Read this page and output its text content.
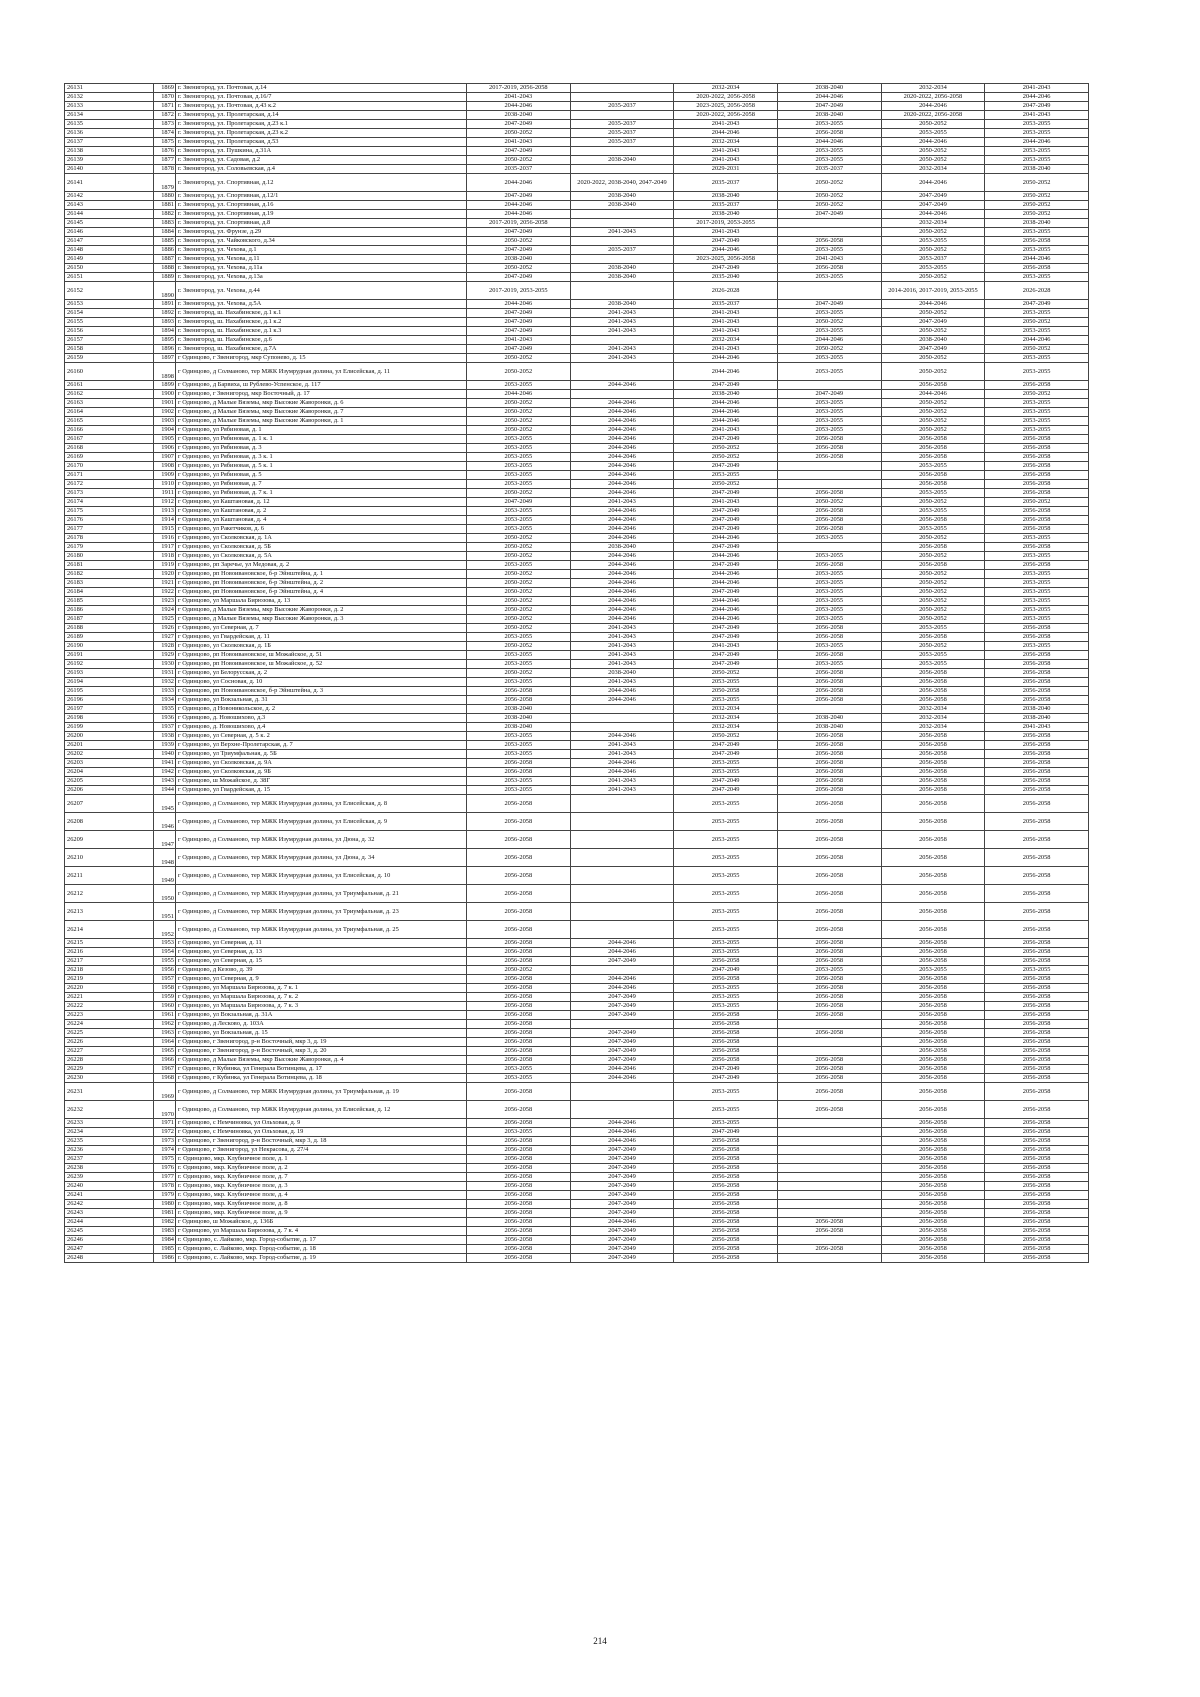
26131	1869	г. Звенигород, ул. Почтовая, д.14	2017-2019, 2056-2058		2032-2034	2038-2040	2032-2034	2041-2043
26132	1870	г. Звенигород, ул. Почтовая, д.16/7	2041-2043		2020-2022, 2056-2058	2044-2046	2020-2022, 2056-2058	2044-2046
26133	1871	г. Звенигород, ул. Почтовая, д.43 к.2	2044-2046	2035-2037	2023-2025, 2056-2058	2047-2049	2044-2046	2047-2049
26134	1872	г. Звенигород, ул. Пролетарская, д.14	2038-2040		2020-2022, 2056-2058	2038-2040	2020-2022, 2056-2058	2041-2043
26135	1873	г. Звенигород, ул. Пролетарская, д.23 к.1	2047-2049	2035-2037	2041-2043	2053-2055	2050-2052	2053-2055
26136	1874	г. Звенигород, ул. Пролетарская, д.23 к.2	2050-2052	2035-2037	2044-2046	2056-2058	2053-2055	2053-2055
26137	1875	г. Звенигород, ул. Пролетарская, д.53	2041-2043	2035-2037	2032-2034	2044-2046	2044-2046	2044-2046
26138	1876	г. Звенигород, ул. Пушкина, д.31А	2047-2049		2041-2043	2053-2055	2050-2052	2053-2055
26139	1877	г. Звенигород, ул. Садовая, д.2	2050-2052	2038-2040	2041-2043	2053-2055	2050-2052	2053-2055
26140	1878	г. Звенигород, ул. Соловьевская, д.4	2035-2037		2029-2031	2035-2037	2032-2034	2038-2040
26141	1879	г. Звенигород, ул. Спортивная, д.12	2044-2046	2020-2022, 2038-2040, 2047-2049	2035-2037	2050-2052	2044-2046	2050-2052
26142	1880	г. Звенигород, ул. Спортивная, д.12/1	2047-2049	2038-2040	2038-2040	2050-2052	2047-2049	2050-2052
26143	1881	г. Звенигород, ул. Спортивная, д.16	2044-2046	2038-2040	2035-2037	2050-2052	2047-2049	2050-2052
26144	1882	г. Звенигород, ул. Спортивная, д.19	2044-2046		2038-2040	2047-2049	2044-2046	2050-2052
26145	1883	г. Звенигород, ул. Спортивная, д.8	2017-2019, 2056-2058		2017-2019, 2053-2055		2032-2034	2038-2040
26146	1884	г. Звенигород, ул. Фрунзе, д.29	2047-2049	2041-2043	2041-2043		2050-2052	2053-2055
26147	1885	г. Звенигород, ул. Чайковского, д.34	2050-2052		2047-2049	2056-2058	2053-2055	2056-2058
26148	1886	г. Звенигород, ул. Чехова, д.1	2047-2049	2035-2037	2044-2046	2053-2055	2050-2052	2053-2055
26149	1887	г. Звенигород, ул. Чехова, д.11	2038-2040		2023-2025, 2056-2058	2041-2043	2053-2037	2044-2046
26150	1888	г. Звенигород, ул. Чехова, д.11а	2050-2052	2038-2040	2047-2049	2056-2058	2053-2055	2056-2058
26151	1889	г. Звенигород, ул. Чехова, д.13а	2047-2049	2038-2040	2035-2040	2053-2055	2050-2052	2053-2055
26152	1890	г. Звенигород, ул. Чехова, д.44	2017-2019, 2053-2055		2026-2028		2014-2016, 2017-2019, 2053-2055	2026-2028
26153	1891	г. Звенигород, ул. Чехова, д.5А	2044-2046	2038-2040	2035-2037	2047-2049	2044-2046	2047-2049
26154	1892	г. Звенигород, ш. Нахабинское, д.1 к.1	2047-2049	2041-2043	2041-2043	2053-2055	2050-2052	2053-2055
26155	1893	г. Звенигород, ш. Нахабинское, д.1 к.2	2047-2049	2041-2043	2041-2043	2050-2052	2047-2049	2050-2052
26156	1894	г. Звенигород, ш. Нахабинское, д.1 к.3	2047-2049	2041-2043	2041-2043	2053-2055	2050-2052	2053-2055
26157	1895	г. Звенигород, ш. Нахабинское, д.6	2041-2043		2032-2034	2044-2046	2038-2040	2044-2046
26158	1896	г. Звенигород, ш. Нахабинское, д.7А	2047-2049	2041-2043	2041-2043	2050-2052	2047-2049	2050-2052
26159	1897	г Одинцово, г Звенигород, мкр Супонево, д. 15	2050-2052	2041-2043	2044-2046	2053-2055	2050-2052	2053-2055
26160	1898	г Одинцово, д Солманово, тер МЖК Изумрудная долина, ул Елисейская, д. 11	2050-2052		2044-2046	2053-2055	2050-2052	2053-2055
26161	1899	г Одинцово, д Барвиха, ш Рублево-Успенское, д. 117	2053-2055	2044-2046	2047-2049		2056-2058	2056-2058
26162	1900	г Одинцово, г Звенигород, мкр Восточный, д. 17	2044-2046		2038-2040	2047-2049	2044-2046	2050-2052
26163	1901	г Одинцово, д Малые Вяземы, мкр Высокие Жаворонки, д. 6	2050-2052	2044-2046	2044-2046	2053-2055	2050-2052	2053-2055
26164	1902	г Одинцово, д Малые Вяземы, мкр Высокие Жаворонки, д. 7	2050-2052	2044-2046	2044-2046	2053-2055	2050-2052	2053-2055
26165	1903	г Одинцово, д Малые Вяземы, мкр Высокие Жаворонки, д. 1	2050-2052	2044-2046	2044-2046	2053-2055	2050-2052	2053-2055
26166	1904	г Одинцово, ул Рябиновая, д. 1	2050-2052	2044-2046	2041-2043	2053-2055	2050-2052	2053-2055
26167	1905	г Одинцово, ул Рябиновая, д. 1 к. 1	2053-2055	2044-2046	2047-2049	2056-2058	2056-2058	2056-2058
26168	1906	г Одинцово, ул Рябиновая, д. 3	2053-2055	2044-2046	2050-2052	2056-2058	2056-2058	2056-2058
26169	1907	г Одинцово, ул Рябиновая, д. 3 к. 1	2053-2055	2044-2046	2050-2052	2056-2058	2056-2058	2056-2058
26170	1908	г Одинцово, ул Рябиновая, д. 5 к. 1	2053-2055	2044-2046	2047-2049		2053-2055	2056-2058
26171	1909	г Одинцово, ул Рябиновая, д. 5	2053-2055	2044-2046	2053-2055		2056-2058	2056-2058
26172	1910	г Одинцово, ул Рябиновая, д. 7	2053-2055	2044-2046	2050-2052		2056-2058	2056-2058
26173	1911	г Одинцово, ул Рябиновая, д. 7 к. 1	2050-2052	2044-2046	2047-2049	2056-2058	2053-2055	2056-2058
26174	1912	г Одинцово, ул Каштановая, д. 12	2047-2049	2041-2043	2041-2043	2050-2052	2050-2052	2050-2052
26175	1913	г Одинцово, ул Каштановая, д. 2	2053-2055	2044-2046	2047-2049	2056-2058	2053-2055	2056-2058
26176	1914	г Одинцово, ул Каштановая, д. 4	2053-2055	2044-2046	2047-2049	2056-2058	2056-2058	2056-2058
26177	1915	г Одинцово, ул Ракетчиков, д. 6	2053-2055	2044-2046	2047-2049	2056-2058	2053-2055	2056-2058
26178	1916	г Одинцово, ул Сколковская, д. 1А	2050-2052	2044-2046	2044-2046	2053-2055	2050-2052	2053-2055
26179	1917	г Одинцово, ул Сколковская, д. 5Б	2050-2052	2038-2040	2047-2049		2056-2058	2056-2058
26180	1918	г Одинцово, ул Сколковская, д. 5А	2050-2052	2044-2046	2044-2046	2053-2055	2050-2052	2053-2055
26181	1919	г Одинцово, рп Заречье, ул Медовая, д. 2	2053-2055	2044-2046	2047-2049	2056-2058	2056-2058	2056-2058
26182	1920	г Одинцово, рп Новоивановское, б-р Эйнштейна, д. 1	2050-2052	2044-2046	2044-2046	2053-2055	2050-2052	2053-2055
26183	1921	г Одинцово, рп Новоивановское, б-р Эйнштейна, д. 2	2050-2052	2044-2046	2044-2046	2053-2055	2050-2052	2053-2055
26184	1922	г Одинцово, рп Новоивановское, б-р Эйнштейна, д. 4	2050-2052	2044-2046	2047-2049	2053-2055	2050-2052	2053-2055
26185	1923	г Одинцово, ул Маршала Бирюзова, д. 13	2050-2052	2044-2046	2044-2046	2053-2055	2050-2052	2053-2055
26186	1924	г Одинцово, д Малые Вяземы, мкр Высокие Жаворонки, д. 2	2050-2052	2044-2046	2044-2046	2053-2055	2050-2052	2053-2055
26187	1925	г Одинцово, д Малые Вяземы, мкр Высокие Жаворонки, д. 3	2050-2052	2044-2046	2044-2046	2053-2055	2050-2052	2053-2055
26188	1926	г Одинцово, ул Северная, д. 7	2050-2052	2041-2043	2047-2049	2056-2058	2053-2055	2056-2058
26189	1927	г Одинцово, ул Гвардейская, д. 11	2053-2055	2041-2043	2047-2049	2056-2058	2056-2058	2056-2058
26190	1928	г Одинцово, ул Сколковская, д. 1Б	2050-2052	2041-2043	2041-2043	2053-2055	2050-2052	2053-2055
26191	1929	г Одинцово, рп Новоивановское, ш Можайское, д. 51	2053-2055	2041-2043	2047-2049	2056-2058	2053-2055	2056-2058
26192	1930	г Одинцово, рп Новоивановское, ш Можайское, д. 52	2053-2055	2041-2043	2047-2049	2053-2055	2053-2055	2056-2058
26193	1931	г Одинцово, ул Белорусская, д. 2	2050-2052	2038-2040	2050-2052	2056-2058	2056-2058	2056-2058
26194	1932	г Одинцово, ул Сосновая, д. 10	2053-2055	2041-2043	2053-2055	2056-2058	2056-2058	2056-2058
26195	1933	г Одинцово, рп Новоивановское, б-р Эйнштейна, д. 3	2056-2058	2044-2046	2050-2058	2056-2058	2056-2058	2056-2058
26196	1934	г Одинцово, ул Вокзальная, д. 31	2056-2058	2044-2046	2053-2055	2056-2058	2056-2058	2056-2058
26197	1935	г Одинцово, д Новоникольское, д. 2	2038-2040		2032-2034		2032-2034	2038-2040
26198	1936	г Одинцово, д. Новошихово, д.3	2038-2040		2032-2034	2038-2040	2032-2034	2038-2040
26199	1937	г Одинцово, д. Новошихово, д.4	2038-2040		2032-2034	2038-2040	2032-2034	2041-2043
26200	1938	г Одинцово, ул Северная, д. 5 к. 2	2053-2055	2044-2046	2050-2052	2056-2058	2056-2058	2056-2058
26201	1939	г Одинцово, ул Верхне-Пролетарская, д. 7	2053-2055	2041-2043	2047-2049	2056-2058	2056-2058	2056-2058
26202	1940	г Одинцово, ул Триумфальная, д. 5Б	2053-2055	2041-2043	2047-2049	2056-2058	2056-2058	2056-2058
26203	1941	г Одинцово, ул Сколковская, д. 9А	2056-2058	2044-2046	2053-2055	2056-2058	2056-2058	2056-2058
26204	1942	г Одинцово, ул Сколковская, д. 9Б	2056-2058	2044-2046	2053-2055	2056-2058	2056-2058	2056-2058
26205	1943	г Одинцово, ш Можайское, д. 38Г	2053-2055	2041-2043	2047-2049	2056-2058	2056-2058	2056-2058
26206	1944	г Одинцово, ул Гвардейская, д. 15	2053-2055	2041-2043	2047-2049	2056-2058	2056-2058	2056-2058
26207	1945	г Одинцово, д Солманово, тер МЖК Изумрудная долина, ул Елисейская, д. 8	2056-2058		2053-2055	2056-2058	2056-2058	2056-2058
26208	1946	г Одинцово, д Солманово, тер МЖК Изумрудная долина, ул Елисейская, д. 9	2056-2058		2053-2055	2056-2058	2056-2058	2056-2058
26209	1947	г Одинцово, д Солманово, тер МЖК Изумрудная долина, ул Дюна, д. 32	2056-2058		2053-2055	2056-2058	2056-2058	2056-2058
26210	1948	г Одинцово, д Солманово, тер МЖК Изумрудная долина, ул Дюна, д. 34	2056-2058		2053-2055	2056-2058	2056-2058	2056-2058
26211	1949	г Одинцово, д Солманово, тер МЖК Изумрудная долина, ул Елисейская, д. 10	2056-2058		2053-2055	2056-2058	2056-2058	2056-2058
26212	1950	г Одинцово, д Солманово, тер МЖК Изумрудная долина, ул Триумфальная, д. 21	2056-2058		2053-2055	2056-2058	2056-2058	2056-2058
26213	1951	г Одинцово, д Солманово, тер МЖК Изумрудная долина, ул Триумфальная, д. 23	2056-2058		2053-2055	2056-2058	2056-2058	2056-2058
26214	1952	г Одинцово, д Солманово, тер МЖК Изумрудная долина, ул Триумфальная, д. 25	2056-2058		2053-2055	2056-2058	2056-2058	2056-2058
26215	1953	г Одинцово, ул Северная, д. 11	2056-2058	2044-2046	2053-2055	2056-2058	2056-2058	2056-2058
26216	1954	г Одинцово, ул Северная, д. 13	2056-2058	2044-2046	2053-2055	2056-2058	2056-2058	2056-2058
26217	1955	г Одинцово, ул Северная, д. 15	2056-2058	2047-2049	2056-2058	2056-2058	2056-2058	2056-2058
26218	1956	г Одинцово, д Кезово, д. 39	2050-2052		2047-2049	2053-2055	2053-2055	2053-2055
26219	1957	г Одинцово, ул Северная, д. 9	2056-2058	2044-2046	2056-2058	2056-2058	2056-2058	2056-2058
26220	1958	г Одинцово, ул Маршала Бирюзова, д. 7 к. 1	2056-2058	2044-2046	2053-2055	2056-2058	2056-2058	2056-2058
26221	1959	г Одинцово, ул Маршала Бирюзова, д. 7 к. 2	2056-2058	2047-2049	2053-2055	2056-2058	2056-2058	2056-2058
26222	1960	г Одинцово, ул Маршала Бирюзова, д. 7 к. 3	2056-2058	2047-2049	2053-2055	2056-2058	2056-2058	2056-2058
26223	1961	г Одинцово, ул Вокзальная, д. 31А	2056-2058	2047-2049	2056-2058	2056-2058	2056-2058	2056-2058
26224	1962	г Одинцово, д Лесково, д. 103А	2056-2058		2056-2058		2056-2058	2056-2058
26225	1963	г Одинцово, ул Вокзальная, д. 15	2056-2058	2047-2049	2056-2058	2056-2058	2056-2058	2056-2058
26226	1964	г Одинцово, г Звенигород, р-н Восточный, мкр 3, д. 19	2056-2058	2047-2049	2056-2058		2056-2058	2056-2058
26227	1965	г Одинцово, г Звенигород, р-н Восточный, мкр 3, д. 20	2056-2058	2047-2049	2056-2058		2056-2058	2056-2058
26228	1966	г Одинцово, д Малые Вяземы, мкр Высокие Жаворонки, д. 4	2056-2058	2047-2049	2056-2058	2056-2058	2056-2058	2056-2058
26229	1967	г Одинцово, г Кубинка, ул Генерала Вотинцева, д. 17	2053-2055	2044-2046	2047-2049	2056-2058	2056-2058	2056-2058
26230	1968	г Одинцово, г Кубинка, ул Генерала Вотинцева, д. 18	2053-2055	2044-2046	2047-2049	2056-2058	2056-2058	2056-2058
26231	1969	г Одинцово, д Солманово, тер МЖК Изумрудная долина, ул Триумфальная, д. 19	2056-2058		2053-2055	2056-2058	2056-2058	2056-2058
26232	1970	г Одинцово, д Солманово, тер МЖК Изумрудная долина, ул Елисейская, д. 12	2056-2058		2053-2055	2056-2058	2056-2058	2056-2058
26233	1971	г Одинцово, с Немчиновка, ул Ольховая, д. 9	2056-2058	2044-2046	2053-2055		2056-2058	2056-2058
26234	1972	г Одинцово, с Немчиновка, ул Ольховая, д. 19	2053-2055	2044-2046	2047-2049		2056-2058	2056-2058
26235	1973	г Одинцово, г Звенигород, р-н Восточный, мкр 3, д. 18	2056-2058	2044-2046	2056-2058		2056-2058	2056-2058
26236	1974	г Одинцово, г Звенигород, ул Некрасова, д. 27/4	2056-2058	2047-2049	2056-2058		2056-2058	2056-2058
26237	1975	г. Одинцово, мкр. Клубничное поле, д. 1	2056-2058	2047-2049	2056-2058		2056-2058	2056-2058
26238	1976	г. Одинцово, мкр. Клубничное поле, д. 2	2056-2058	2047-2049	2056-2058		2056-2058	2056-2058
26239	1977	г. Одинцово, мкр. Клубничное поле, д. 7	2056-2058	2047-2049	2056-2058		2056-2058	2056-2058
26240	1978	г. Одинцово, мкр. Клубничное поле, д. 3	2056-2058	2047-2049	2056-2058		2056-2058	2056-2058
26241	1979	г. Одинцово, мкр. Клубничное поле, д. 4	2056-2058	2047-2049	2056-2058		2056-2058	2056-2058
26242	1980	г. Одинцово, мкр. Клубничное поле, д. 8	2056-2058	2047-2049	2056-2058		2056-2058	2056-2058
26243	1981	г. Одинцово, мкр. Клубничное поле, д. 9	2056-2058	2047-2049	2056-2058		2056-2058	2056-2058
26244	1982	г Одинцово, ш Можайское, д. 136Б	2056-2058	2044-2046	2056-2058	2056-2058	2056-2058	2056-2058
26245	1983	г Одинцово, ул Маршала Бирюзова, д. 7 к. 4	2056-2058	2047-2049	2056-2058	2056-2058	2056-2058	2056-2058
26246	1984	г. Одинцово, с. Лайково, мкр. Город-событие, д. 17	2056-2058	2047-2049	2056-2058		2056-2058	2056-2058
26247	1985	г. Одинцово, с. Лайково, мкр. Город-событие, д. 18	2056-2058	2047-2049	2056-2058	2056-2058	2056-2058	2056-2058
26248	1986	г. Одинцово, с. Лайково, мкр. Город-событие, д. 19	2056-2058	2047-2049	2056-2058		2056-2058	2056-2058
214
